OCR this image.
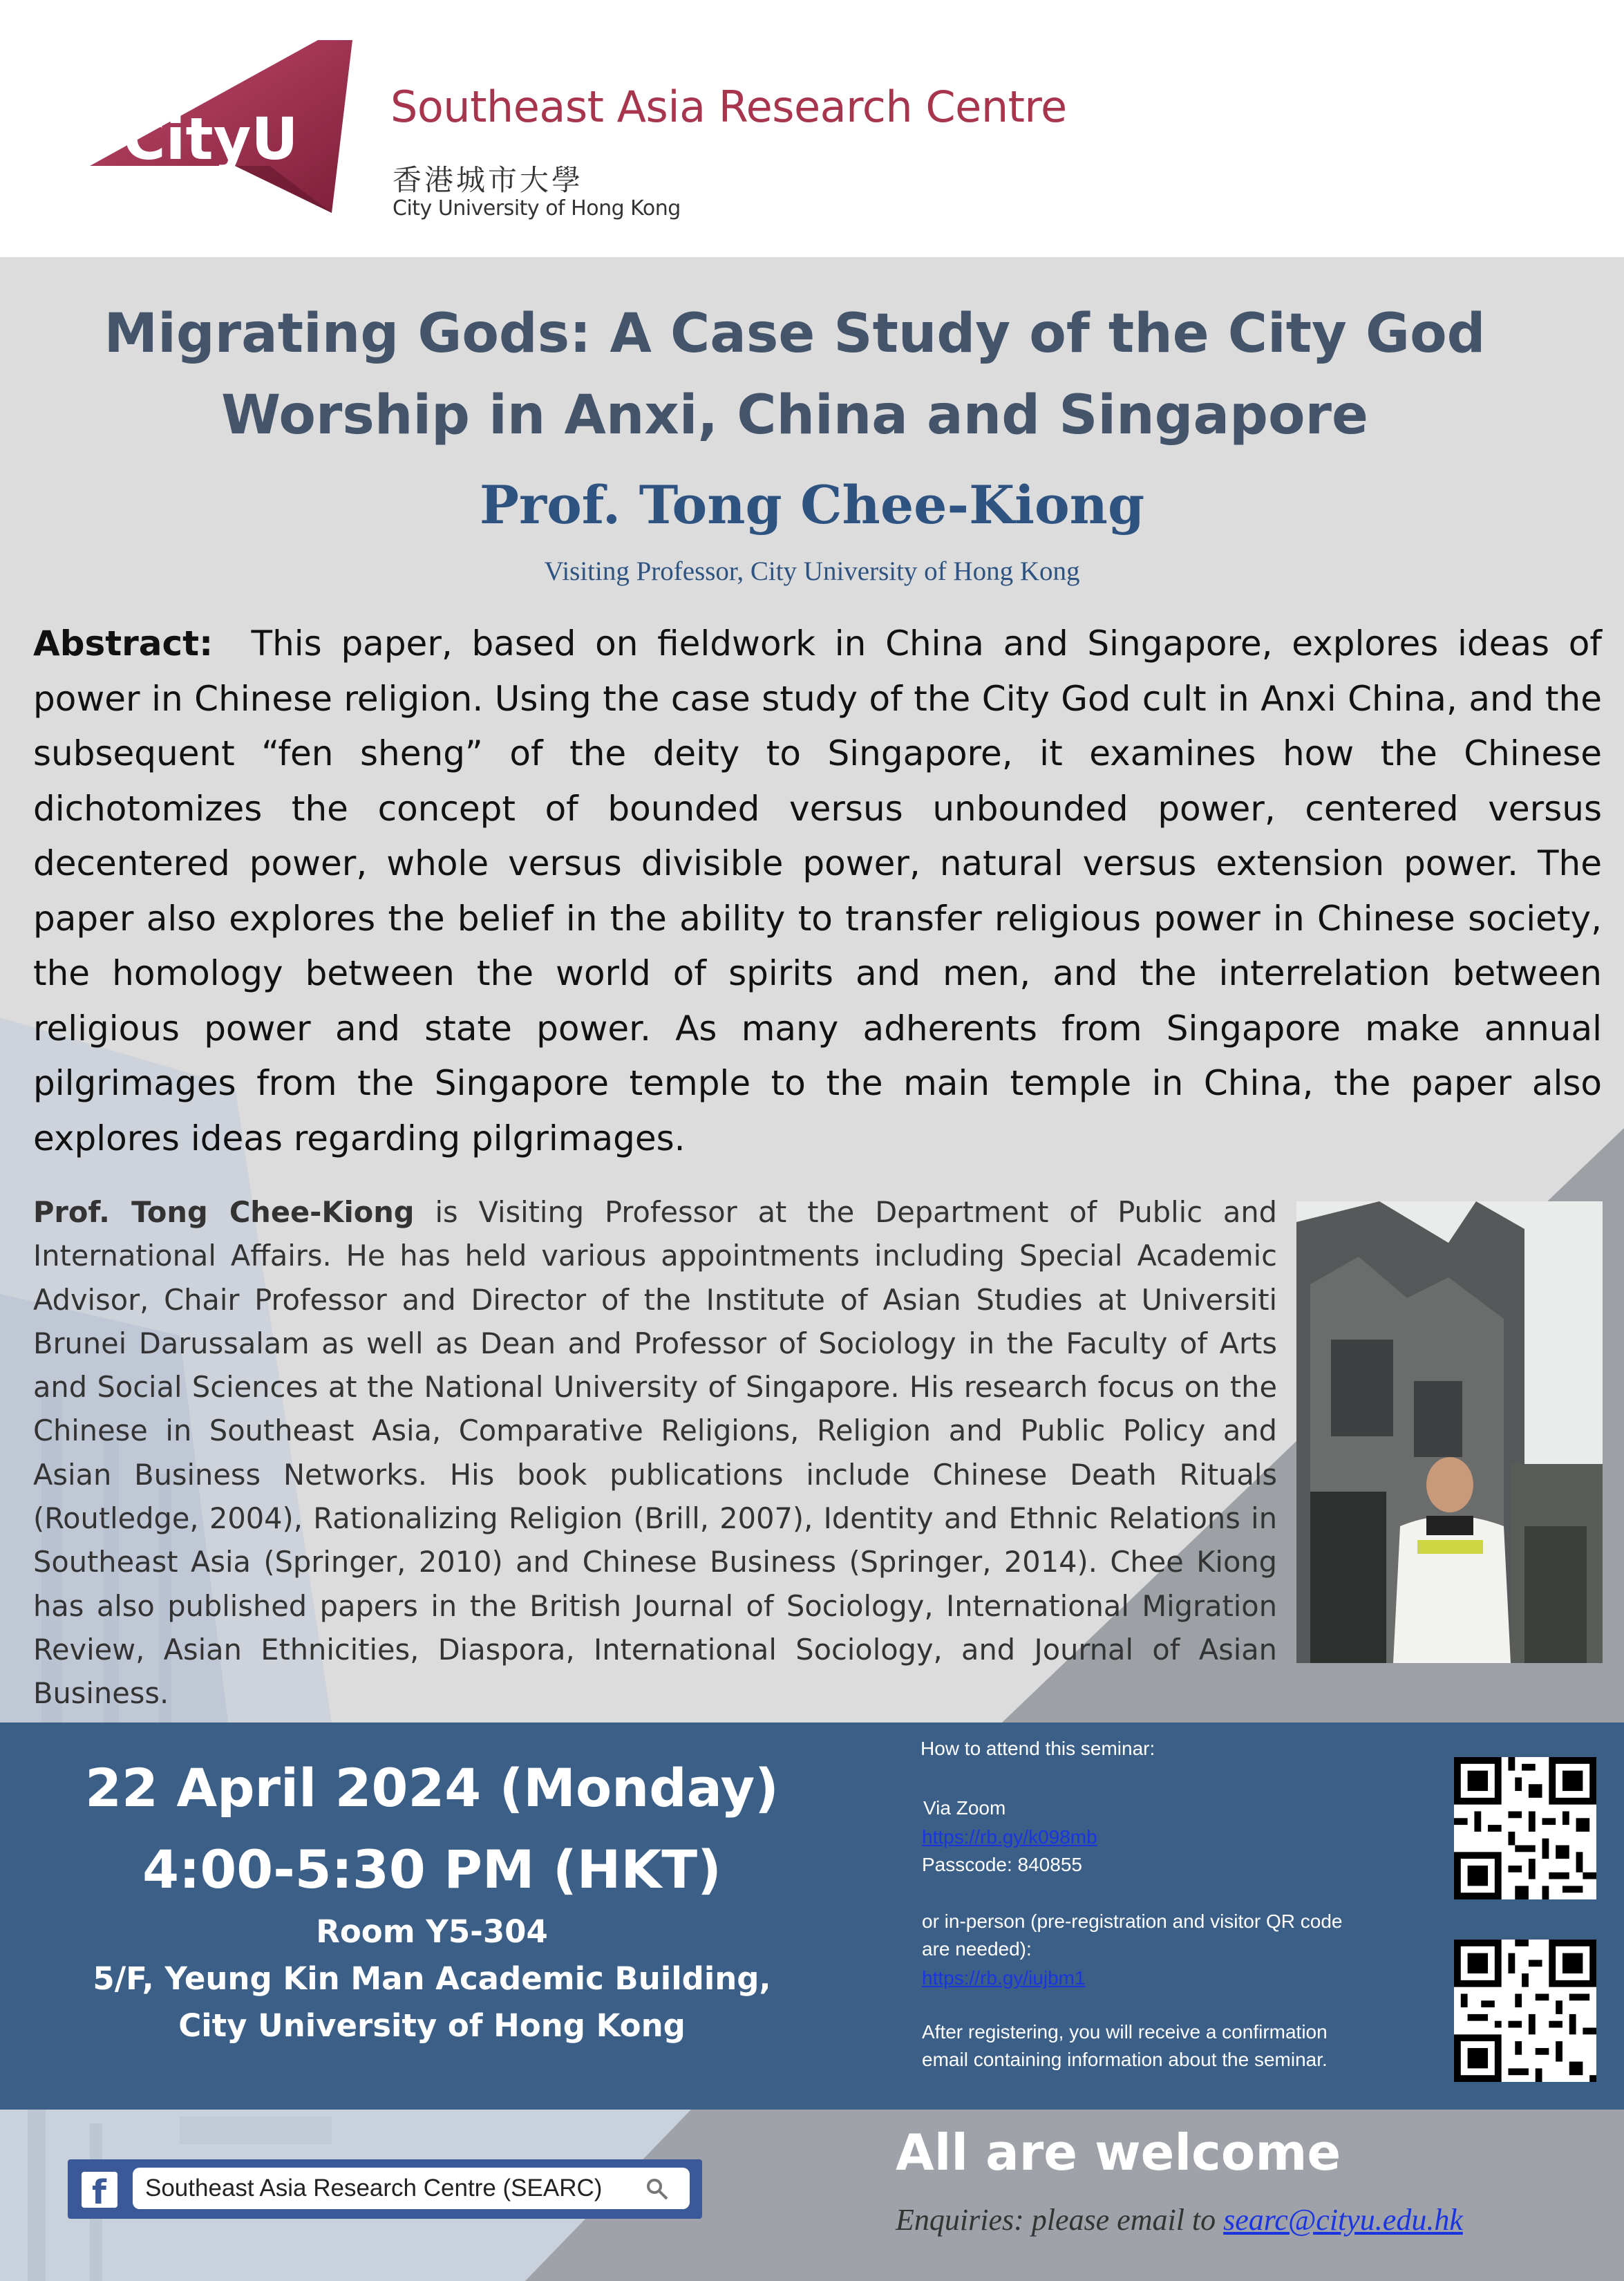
CityU Southeast Asia Research Centre
香港城市大學
City University of Hong Kong
Migrating Gods: A Case Study of the City God
Worship in Anxi, China and Singapore
Prof. Tong Chee-Kiong
Visiting Professor, City University of Hong Kong
Abstract: This paper, based on fieldwork in China and Singapore, explores ideas of power in Chinese religion. Using the case study of the City God cult in Anxi China, and the subsequent “fen sheng” of the deity to Singapore, it examines how the Chinese dichotomizes the concept of bounded versus unbounded power, centered versus decentered power, whole versus divisible power, natural versus extension power. The paper also explores the belief in the ability to transfer religious power in Chinese society, the homology between the world of spirits and men, and the interrelation between religious power and state power. As many adherents from Singapore make annual pilgrimages from the Singapore temple to the main temple in China, the paper also explores ideas regarding pilgrimages.
Prof. Tong Chee-Kiong is Visiting Professor at the Department of Public and International Affairs. He has held various appointments including Special Academic Advisor, Chair Professor and Director of the Institute of Asian Studies at Universiti Brunei Darussalam as well as Dean and Professor of Sociology in the Faculty of Arts and Social Sciences at the National University of Singapore. His research focus on the Chinese in Southeast Asia, Comparative Religions, Religion and Public Policy and Asian Business Networks. His book publications include Chinese Death Rituals (Routledge, 2004), Rationalizing Religion (Brill, 2007), Identity and Ethnic Relations in Southeast Asia (Springer, 2010) and Chinese Business (Springer, 2014). Chee Kiong has also published papers in the British Journal of Sociology, International Migration Review, Asian Ethnicities, Diaspora, International Sociology, and Journal of Asian Business.
22 April 2024 (Monday)
4:00-5:30 PM (HKT)
Room Y5-304
5/F, Yeung Kin Man Academic Building,
City University of Hong Kong
How to attend this seminar:
Via Zoom
https://rb.gy/k098mb
Passcode: 840855
or in-person (pre-registration and visitor QR code
are needed):
https://rb.gy/iujbm1
After registering, you will receive a confirmation
email containing information about the seminar.
f Southeast Asia Research Centre (SEARC)
All are welcome
Enquiries: please email to searc@cityu.edu.hk
